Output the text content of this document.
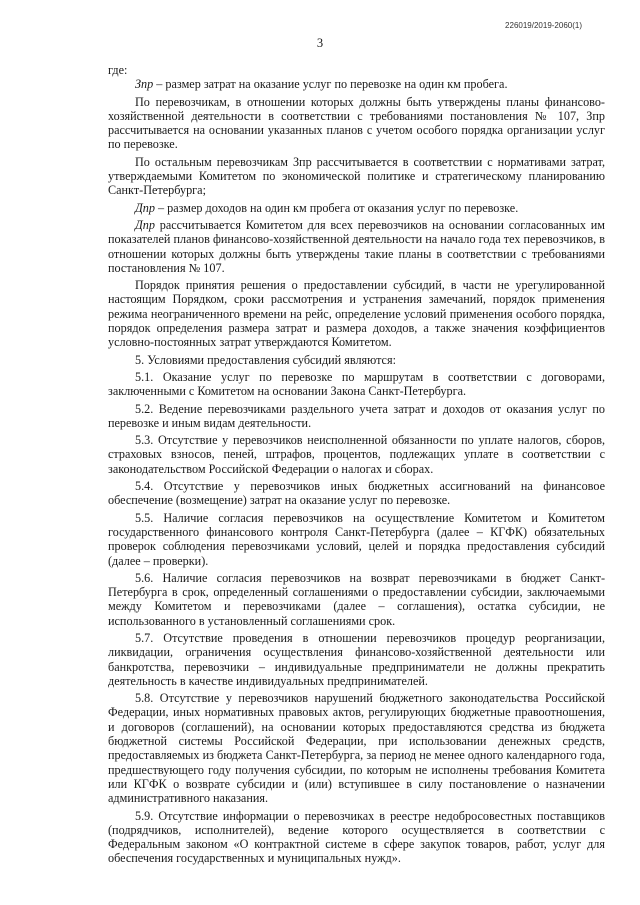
226019/2019-2060(1)
3

где:

Зпр – размер затрат на оказание услуг по перевозке на один км пробега.

По перевозчикам, в отношении которых должны быть утверждены планы финансово-хозяйственной деятельности в соответствии с требованиями постановления № 107, Зпр рассчитывается на основании указанных планов с учетом особого порядка организации услуг по перевозке.

По остальным перевозчикам Зпр рассчитывается в соответствии с нормативами затрат, утверждаемыми Комитетом по экономической политике и стратегическому планированию Санкт-Петербурга;

Дпр – размер доходов на один км пробега от оказания услуг по перевозке.

Дпр рассчитывается Комитетом для всех перевозчиков на основании согласованных им показателей планов финансово-хозяйственной деятельности на начало года тех перевозчиков, в отношении которых должны быть утверждены такие планы в соответствии с требованиями постановления № 107.

Порядок принятия решения о предоставлении субсидий, в части не урегулированной настоящим Порядком, сроки рассмотрения и устранения замечаний, порядок применения режима неограниченного времени на рейс, определение условий применения особого порядка, порядок определения размера затрат и размера доходов, а также значения коэффициентов условно-постоянных затрат утверждаются Комитетом.

5. Условиями предоставления субсидий являются:

5.1. Оказание услуг по перевозке по маршрутам в соответствии с договорами, заключенными с Комитетом на основании Закона Санкт-Петербурга.

5.2. Ведение перевозчиками раздельного учета затрат и доходов от оказания услуг по перевозке и иным видам деятельности.

5.3. Отсутствие у перевозчиков неисполненной обязанности по уплате налогов, сборов, страховых взносов, пеней, штрафов, процентов, подлежащих уплате в соответствии с законодательством Российской Федерации о налогах и сборах.

5.4. Отсутствие у перевозчиков иных бюджетных ассигнований на финансовое обеспечение (возмещение) затрат на оказание услуг по перевозке.

5.5. Наличие согласия перевозчиков на осуществление Комитетом и Комитетом государственного финансового контроля Санкт-Петербурга (далее – КГФК) обязательных проверок соблюдения перевозчиками условий, целей и порядка предоставления субсидий (далее – проверки).

5.6. Наличие согласия перевозчиков на возврат перевозчиками в бюджет Санкт-Петербурга в срок, определенный соглашениями о предоставлении субсидии, заключаемыми между Комитетом и перевозчиками (далее – соглашения), остатка субсидии, не использованного в установленный соглашениями срок.

5.7. Отсутствие проведения в отношении перевозчиков процедур реорганизации, ликвидации, ограничения осуществления финансово-хозяйственной деятельности или банкротства, перевозчики – индивидуальные предприниматели не должны прекратить деятельность в качестве индивидуальных предпринимателей.

5.8. Отсутствие у перевозчиков нарушений бюджетного законодательства Российской Федерации, иных нормативных правовых актов, регулирующих бюджетные правоотношения, и договоров (соглашений), на основании которых предоставляются средства из бюджета бюджетной системы Российской Федерации, при использовании денежных средств, предоставляемых из бюджета Санкт-Петербурга, за период не менее одного календарного года, предшествующего году получения субсидии, по которым не исполнены требования Комитета или КГФК о возврате субсидии и (или) вступившее в силу постановление о назначении административного наказания.

5.9. Отсутствие информации о перевозчиках в реестре недобросовестных поставщиков (подрядчиков, исполнителей), ведение которого осуществляется в соответствии с Федеральным законом «О контрактной системе в сфере закупок товаров, работ, услуг для обеспечения государственных и муниципальных нужд».
